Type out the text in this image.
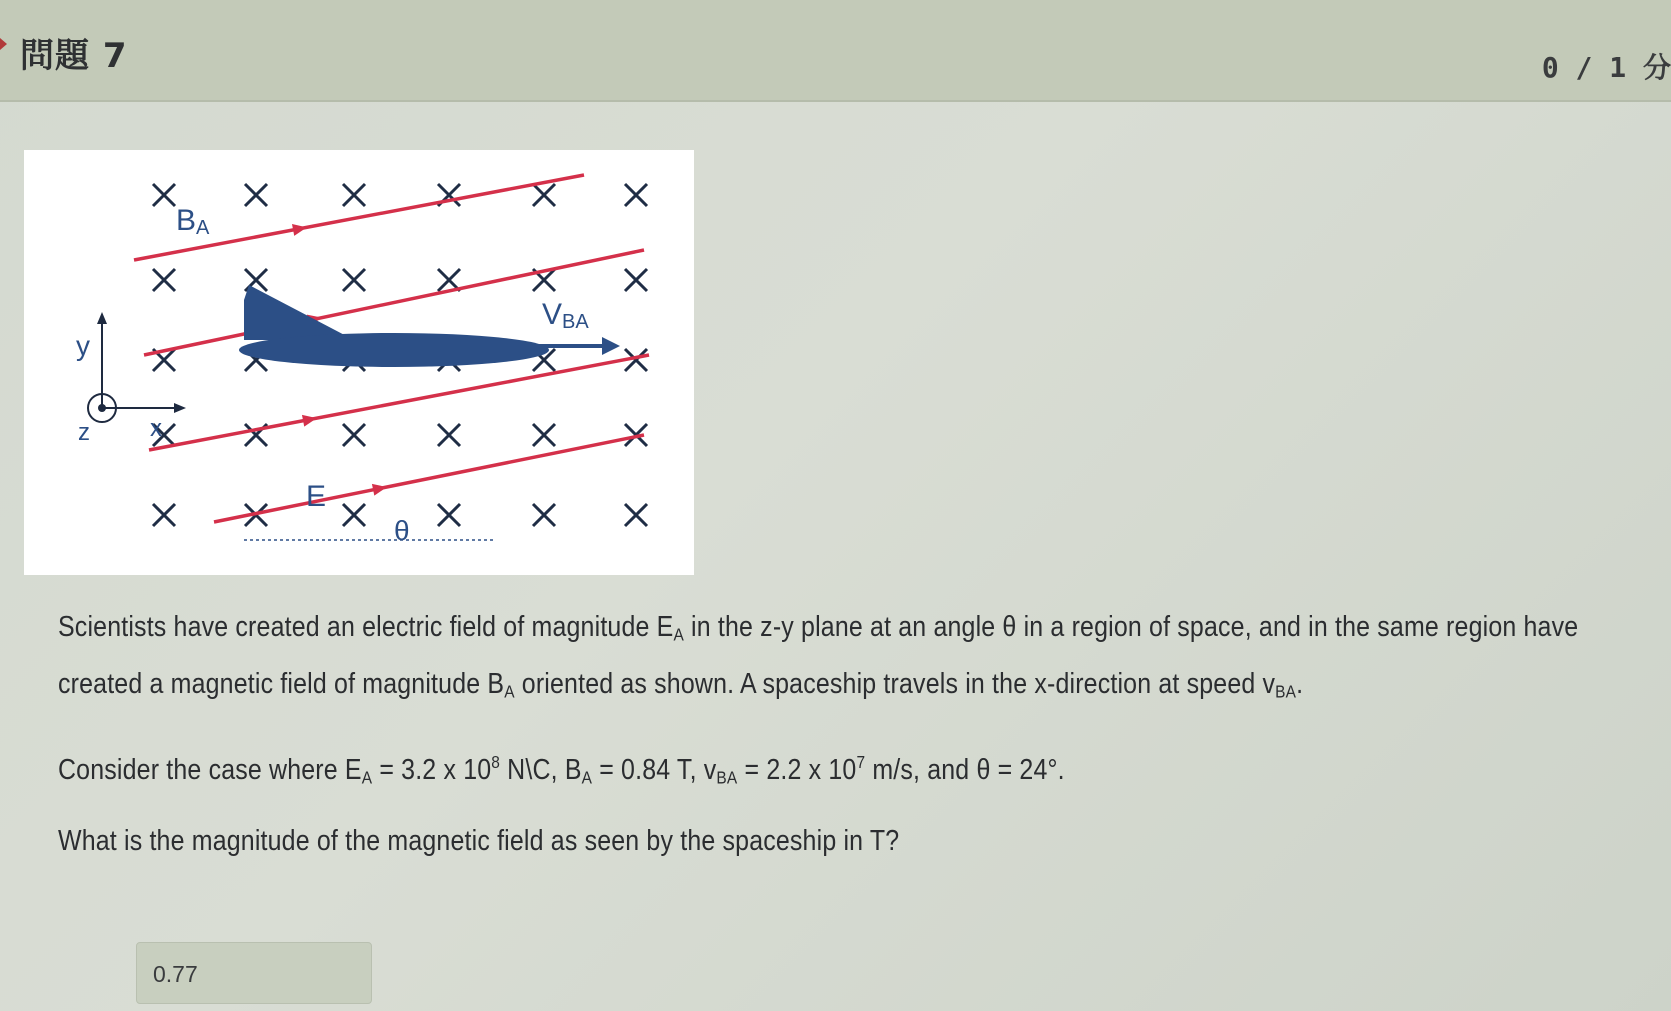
問題 7	0 / 1 分
VBA
BA
E
θ
y
x
z

Scientists have created an electric field of magnitude $E_A$ in the z-y plane at an angle θ in a region of space, and in the same region have created a magnetic field of magnitude $B_A$ oriented as shown. A spaceship travels in the x-direction at speed $v_{BA}$.

Consider the case where $E_A = 3.2$ x $10^8$ N\C, $B_A = 0.84$ T, $v_{BA} = 2.2$ x $10^7$ m/s, and θ = 24°.

What is the magnitude of the magnetic field as seen by the spaceship in T?

0.77
